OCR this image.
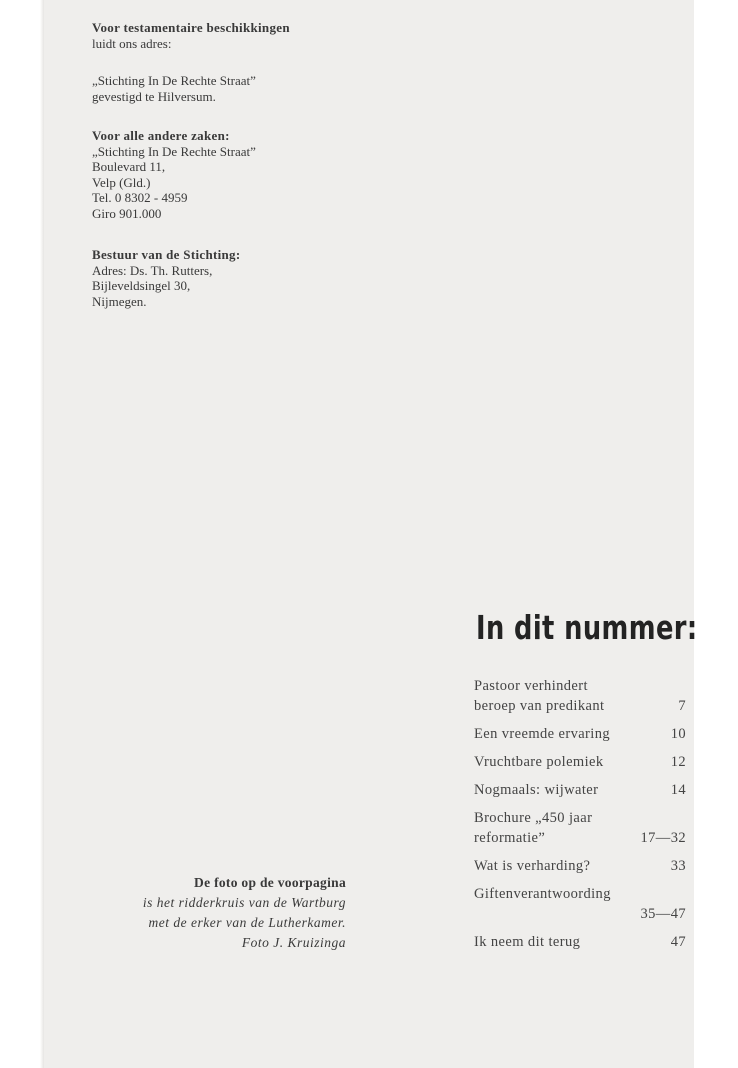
Voor testamentaire beschikkingen
luidt ons adres:
„Stichting In De Rechte Straat”
gevestigd te Hilversum.
Voor alle andere zaken:
„Stichting In De Rechte Straat”
Boulevard 11,
Velp (Gld.)
Tel. 0 8302 - 4959
Giro 901.000
Bestuur van de Stichting:
Adres: Ds. Th. Rutters,
Bijleveldsingel 30,
Nijmegen.
De foto op de voorpagina
is het ridderkruis van de Wartburg
met de erker van de Lutherkamer.
Foto J. Kruizinga
In dit nummer:
Pastoor verhindert
beroep van predikant	7
Een vreemde ervaring	10
Vruchtbare polemiek	12
Nogmaals: wijwater	14
Brochure „450 jaar
reformatie”	17—32
Wat is verharding?	33
Giftenverantwoording
35—47
Ik neem dit terug	47
